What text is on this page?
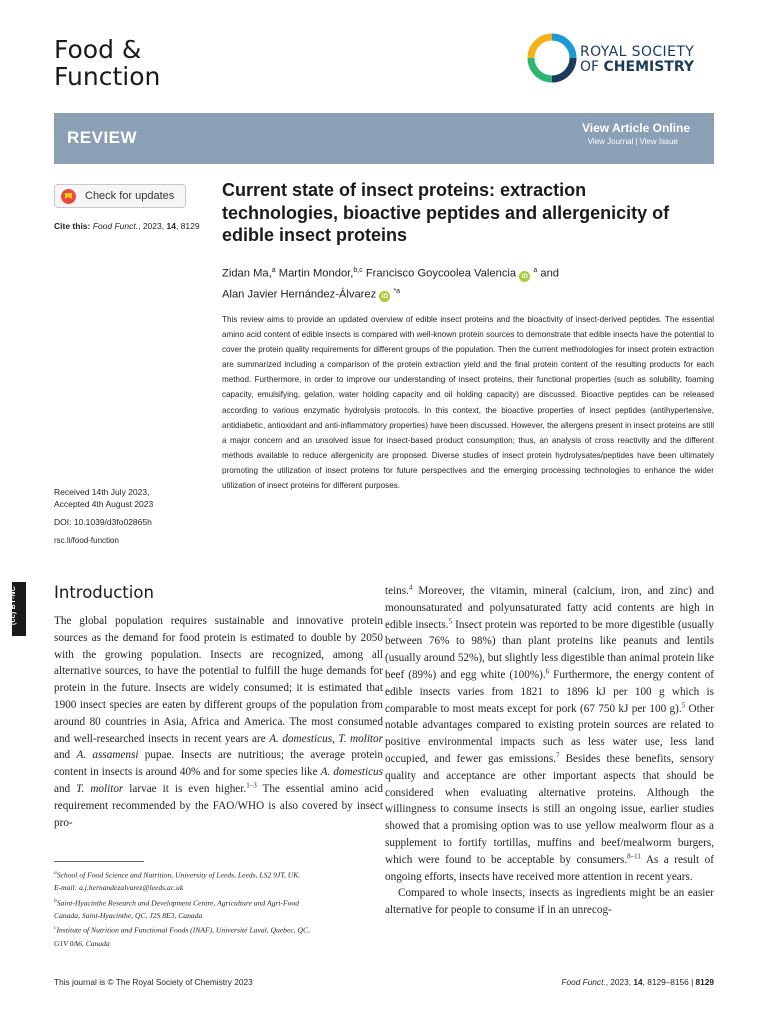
Food &
Function
ROYAL SOCIETY
OF CHEMISTRY
REVIEW	View Article Online
View Journal | View Issue
Check for updates
Cite this: Food Funct., 2023, 14, 8129
Current state of insect proteins: extraction technologies, bioactive peptides and allergenicity of edible insect proteins
Zidan Ma,$^a$ Martin Mondor,$^{b,c}$ Francisco Goycoolea Valencia iD $^a$ and
Alan Javier Hernández-Álvarez iD $^{*a}$
This review aims to provide an updated overview of edible insect proteins and the bioactivity of insect-derived peptides. The essential amino acid content of edible insects is compared with well-known protein sources to demonstrate that edible insects have the potential to cover the protein quality requirements for different groups of the population. Then the current methodologies for insect protein extraction are summarized including a comparison of the protein extraction yield and the final protein content of the resulting products for each method. Furthermore, in order to improve our understanding of insect proteins, their functional properties (such as solubility, foaming capacity, emulsifying, gelation, water holding capacity and oil holding capacity) are discussed. Bioactive peptides can be released according to various enzymatic hydrolysis protocols. In this context, the bioactive properties of insect peptides (antihypertensive, antidiabetic, antioxidant and anti-inflammatory properties) have been discussed. However, the allergens present in insect proteins are still a major concern and an unsolved issue for insect-based product consumption; thus, an analysis of cross reactivity and the different methods available to reduce allergenicity are proposed. Diverse studies of insect protein hydrolysates/peptides have been ultimately promoting the utilization of insect proteins for future perspectives and the emerging processing technologies to enhance the wider utilization of insect proteins for different purposes.
Received 14th July 2023,
Accepted 4th August 2023
DOI: 10.1039/d3fo02865h
rsc.li/food-function
(cc) BY-NC Introduction

The global population requires sustainable and innovative protein sources as the demand for food protein is estimated to double by 2050 with the growing population. Insects are recognized, among all alternative sources, to have the potential to fulfill the huge demands for protein in the future. Insects are widely consumed; it is estimated that 1900 insect species are eaten by different groups of the population from around 80 countries in Asia, Africa and America. The most consumed and well-researched insects in recent years are A. domesticus, T. molitor and A. assamensi pupae. Insects are nutritious; the average protein content in insects is around 40% and for some species like A. domesticus and T. molitor larvae it is even higher.$^{1-3}$ The essential amino acid requirement recommended by the FAO/WHO is also covered by insect pro-

teins.$^4$ Moreover, the vitamin, mineral (calcium, iron, and zinc) and monounsaturated and polyunsaturated fatty acid contents are high in edible insects.$^5$ Insect protein was reported to be more digestible (usually between 76% to 98%) than plant proteins like peanuts and lentils (usually around 52%), but slightly less digestible than animal protein like beef (89%) and egg white (100%).$^6$ Furthermore, the energy content of edible insects varies from 1821 to 1896 kJ per 100 g which is comparable to most meats except for pork (67 750 kJ per 100 g).$^5$ Other notable advantages compared to existing protein sources are related to positive environmental impacts such as less water use, less land occupied, and fewer gas emissions.$^7$ Besides these benefits, sensory quality and acceptance are other important aspects that should be considered when evaluating alternative proteins. Although the willingness to consume insects is still an ongoing issue, earlier studies showed that a promising option was to use yellow mealworm flour as a supplement to fortify tortillas, muffins and beef/mealworm burgers, which were found to be acceptable by consumers.$^{8-11}$ As a result of ongoing efforts, insects have received more attention in recent years.

Compared to whole insects, insects as ingredients might be an easier alternative for people to consume if in an unrecog-

$^a$School of Food Science and Nutrition, University of Leeds, Leeds, LS2 9JT, UK.
E-mail: a.j.hernandezalvarez@leeds.ac.uk
$^b$Saint-Hyacinthe Research and Development Centre, Agriculture and Agri-Food
Canada, Saint-Hyacinthe, QC, J2S 8E3, Canada
$^c$Institute of Nutrition and Functional Foods (INAF), Université Laval, Quebec, QC,
G1V 0A6, Canada
This journal is © The Royal Society of Chemistry 2023	Food Funct., 2023, 14, 8129–8156 | 8129
